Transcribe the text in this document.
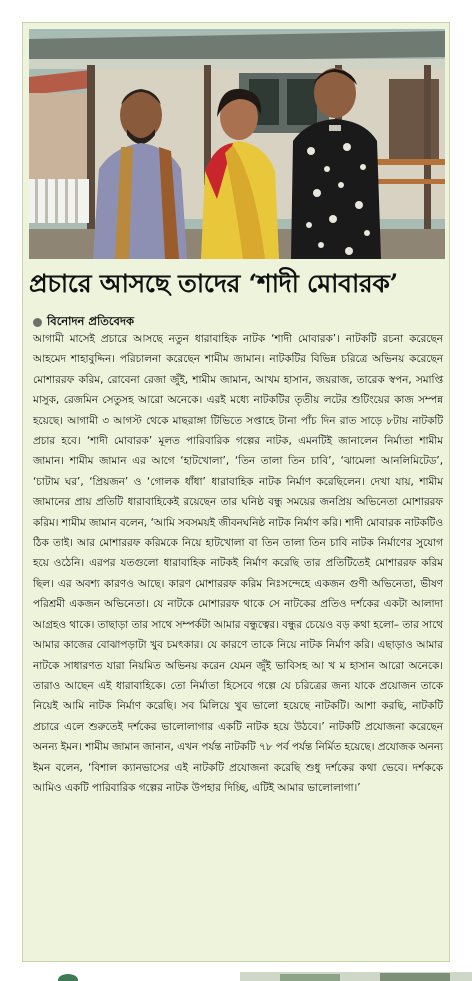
প্রচারে আসছে তাদের ‘শাদী মোবারক’
বিনোদন প্রতিবেদক

আগামী মাসেই প্রচারে আসছে নতুন ধারাবাহিক নাটক ‘শাদী মোবারক’। নাটকটি রচনা করেছেন আহমেদ শাহাবুদ্দিন। পরিচালনা করেছেন শামীম জামান। নাটকটির বিভিন্ন চরিত্রে অভিনয় করেছেন মোশাররফ করিম, রোবেনা রেজা জুঁই, শামীম জামান, আখম হাসান, জয়রাজ, তারেক স্বপন, সমাপ্তি মাসুক, রেজমিন সেতুসহ আরো অনেকে। এরই মধ্যে নাটকটির তৃতীয় লটের শুটিংয়ের কাজ সম্পন্ন হয়েছে। আগামী ৩ আগস্ট থেকে মাছরাঙ্গা টিভিতে সপ্তাহে টানা পাঁচ দিন রাত সাড়ে ৮টায় নাটকটি প্রচার হবে। ‘শাদী মোবারক’ মূলত পারিবারিক গল্পের নাটক, এমনটিই জানালেন নির্মাতা শামীম জামান। শামীম জামান এর আগে ‘হাটখোলা’, ‘তিন তালা তিন চাবি’, ‘ঝামেলা আনলিমিটেড’, ‘চাটাম ঘর’, ‘প্রিয়জন’ ও ‘গোলক ধাঁধা’ ধারাবাহিক নাটক নির্মাণ করেছিলেন। দেখা যায়, শামীম জামানের প্রায় প্রতিটি ধারাবাহিকেই রয়েছেন তার ঘনিষ্ঠ বন্ধু সময়ের জনপ্রিয় অভিনেতা মোশাররফ করিম। শামীম জামান বলেন, ‘আমি সবসময়ই জীবনঘনিষ্ঠ নাটক নির্মাণ করি। শাদী মোবারক নাটকটিও ঠিক তাই। আর মোশাররফ করিমকে নিয়ে হাটখোলা বা তিন তালা তিন চাবি নাটক নির্মাণের সুযোগ হয়ে ওঠেনি। এরপর যতগুলো ধারাবাহিক নাটকই নির্মাণ করেছি তার প্রতিটিতেই মোশাররফ করিম ছিল। এর অবশ্য কারণও আছে। কারণ মোশাররফ করিম নিঃসন্দেহে একজন গুণী অভিনেতা, ভীষণ পরিশ্রমী একজন অভিনেতা। যে নাটকে মোশাররফ থাকে সে নাটকের প্রতিও দর্শকের একটা আলাদা আগ্রহও থাকে। তাছাড়া তার সাথে সম্পর্কটা আমার বন্ধুত্বের। বন্ধুর চেয়েও বড় কথা হলো– তার সাথে আমার কাজের বোঝাপড়াটা খুব চমৎকার। যে কারণে তাকে নিয়ে নাটক নির্মাণ করি। এছাড়াও আমার নাটকে সাধারণত যারা নিয়মিত অভিনয় করেন যেমন জুঁই ভাবিসহ আ খ ম হাসান আরো অনেকে। তারাও আছেন এই ধারাবাহিকে। তো নির্মাতা হিসেবে গল্পে যে চরিত্রের জন্য যাকে প্রয়োজন তাকে নিয়েই আমি নাটক নির্মাণ করেছি। সব মিলিয়ে খুব ভালো হয়েছে নাটকটি। আশা করছি, নাটকটি প্রচারে এলে শুরুতেই দর্শকের ভালোলাগার একটি নাটক হয়ে উঠবে।’ নাটকটি প্রযোজনা করেছেন অনন্য ইমন। শামীম জামান জানান, এখন পর্যন্ত নাটকটি ৭৮ পর্ব পর্যন্ত নির্মিত হয়েছে। প্রযোজক অনন্য ইমন বলেন, ‘বিশাল ক্যানভাসের এই নাটকটি প্রযোজনা করেছি শুধু দর্শকের কথা ভেবে। দর্শককে আমিও একটি পারিবারিক গল্পের নাটক উপহার দিচ্ছি, এটিই আমার ভালোলাগা।’
